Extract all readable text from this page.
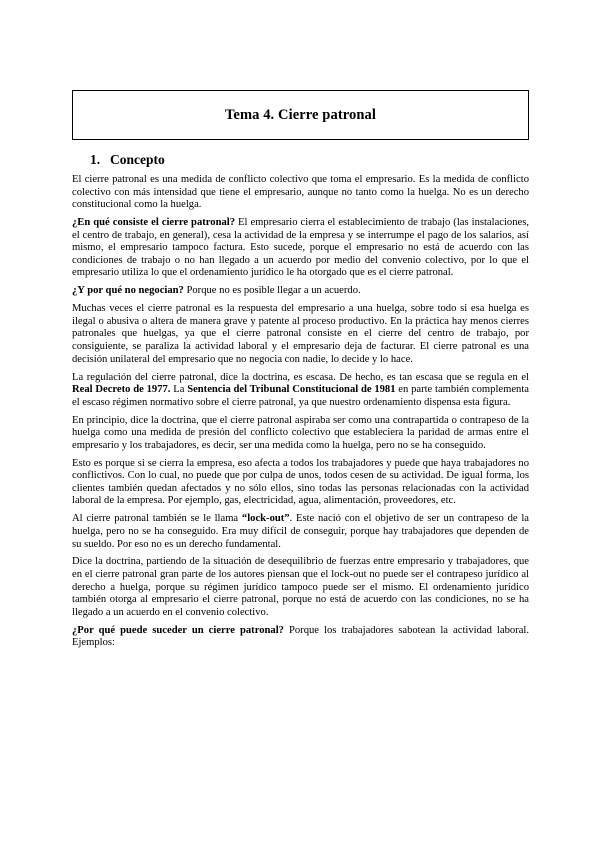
Tema 4. Cierre patronal
1. Concepto

El cierre patronal es una medida de conflicto colectivo que toma el empresario. Es la medida de conflicto colectivo con más intensidad que tiene el empresario, aunque no tanto como la huelga. No es un derecho constitucional como la huelga.

¿En qué consiste el cierre patronal? El empresario cierra el establecimiento de trabajo (las instalaciones, el centro de trabajo, en general), cesa la actividad de la empresa y se interrumpe el pago de los salarios, así mismo, el empresario tampoco factura. Esto sucede, porque el empresario no está de acuerdo con las condiciones de trabajo o no han llegado a un acuerdo por medio del convenio colectivo, por lo que el empresario utiliza lo que el ordenamiento jurídico le ha otorgado que es el cierre patronal.

¿Y por qué no negocian? Porque no es posible llegar a un acuerdo.

Muchas veces el cierre patronal es la respuesta del empresario a una huelga, sobre todo si esa huelga es ilegal o abusiva o altera de manera grave y patente al proceso productivo. En la práctica hay menos cierres patronales que huelgas, ya que el cierre patronal consiste en el cierre del centro de trabajo, por consiguiente, se paraliza la actividad laboral y el empresario deja de facturar. El cierre patronal es una decisión unilateral del empresario que no negocia con nadie, lo decide y lo hace.

La regulación del cierre patronal, dice la doctrina, es escasa. De hecho, es tan escasa que se regula en el Real Decreto de 1977. La Sentencia del Tribunal Constitucional de 1981 en parte también complementa el escaso régimen normativo sobre el cierre patronal, ya que nuestro ordenamiento dispensa esta figura.

En principio, dice la doctrina, que el cierre patronal aspiraba ser como una contrapartida o contrapeso de la huelga como una medida de presión del conflicto colectivo que estableciera la paridad de armas entre el empresario y los trabajadores, es decir, ser una medida como la huelga, pero no se ha conseguido.

Esto es porque si se cierra la empresa, eso afecta a todos los trabajadores y puede que haya trabajadores no conflictivos. Con lo cual, no puede que por culpa de unos, todos cesen de su actividad. De igual forma, los clientes también quedan afectados y no sólo ellos, sino todas las personas relacionadas con la actividad laboral de la empresa. Por ejemplo, gas, electricidad, agua, alimentación, proveedores, etc.

Al cierre patronal también se le llama “lock-out”. Este nació con el objetivo de ser un contrapeso de la huelga, pero no se ha conseguido. Era muy difícil de conseguir, porque hay trabajadores que dependen de su sueldo. Por eso no es un derecho fundamental.

Dice la doctrina, partiendo de la situación de desequilibrio de fuerzas entre empresario y trabajadores, que en el cierre patronal gran parte de los autores piensan que el lock-out no puede ser el contrapeso jurídico al derecho a huelga, porque su régimen jurídico tampoco puede ser el mismo. El ordenamiento jurídico también otorga al empresario el cierre patronal, porque no está de acuerdo con las condiciones, no se ha llegado a un acuerdo en el convenio colectivo.

¿Por qué puede suceder un cierre patronal? Porque los trabajadores sabotean la actividad laboral. Ejemplos:
